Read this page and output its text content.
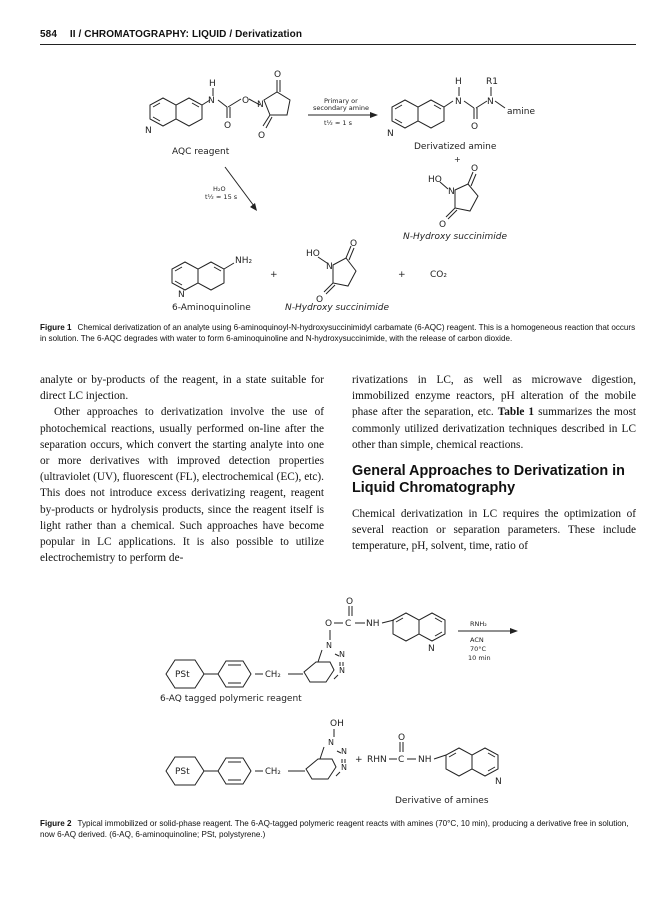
584 II / CHROMATOGRAPHY: LIQUID / Derivatization
N
H
N
O
O N
O
O
AQC reagent
Primary or
secondary amine
t½ ≈ 1 s
N
H
N
O
R1
N
amine
Derivatized amine
+
HO
N
O
O
N-Hydroxy succinimide
H₂O
t½ ≈ 15 s
N
NH₂
6-Aminoquinoline
+
HO
N
O
O
N-Hydroxy succinimide
+	CO₂
Figure 1 Chemical derivatization of an analyte using 6-aminoquinoyl-N-hydroxysuccinimidyl carbamate (6-AQC) reagent. This is a homogeneous reaction that occurs in solution. The 6-AQC degrades with water to form 6-aminoquinoline and N-hydroxysuccinimide, with the release of carbon dioxide.

analyte or by-products of the reagent, in a state suitable for direct LC injection.

Other approaches to derivatization involve the use of photochemical reactions, usually performed on-line after the separation occurs, which convert the starting analyte into one or more derivatives with improved detection properties (ultraviolet (UV), fluorescent (FL), electrochemical (EC), etc). This does not introduce excess derivatizing reagent, reagent by-products or hydrolysis products, since the reagent itself is light rather than a chemical. Such approaches have become popular in LC applications. It is also possible to utilize electrochemistry to perform de-

rivatizations in LC, as well as microwave digestion, immobilized enzyme reactors, pH alteration of the mobile phase after the separation, etc. Table 1 summarizes the most commonly utilized derivatization techniques described in LC other than simple, chemical reactions.

General Approaches to Derivatization in Liquid Chromatography

Chemical derivatization in LC requires the optimization of several reaction or separation parameters. These include temperature, pH, solvent, time, ratio of

O
O C NH
N
N
N
N
CH₂
PSt
6-AQ tagged polymeric reagent
RNH₂
ACN
70°C
10 min
OH
N
N
N
CH₂
PSt
+ RHN C
O
NH
N
Derivative of amines
Figure 2 Typical immobilized or solid-phase reagent. The 6-AQ-tagged polymeric reagent reacts with amines (70°C, 10 min), producing a derivative free in solution, now 6-AQ derived. (6-AQ, 6-aminoquinoline; PSt, polystyrene.)
